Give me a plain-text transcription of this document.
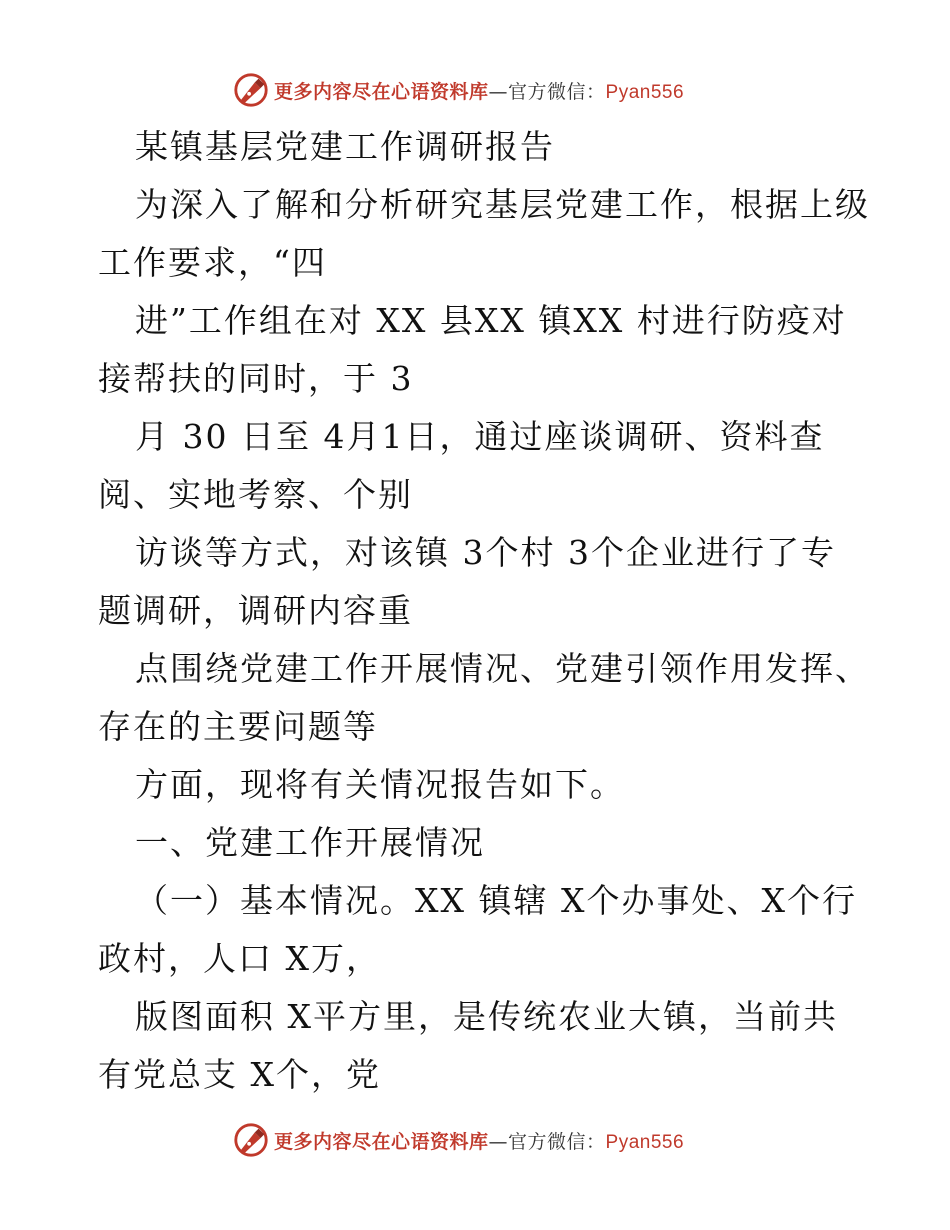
更多内容尽在心语资料库—官方微信：Pyan556
某镇基层党建工作调研报告
为深入了解和分析研究基层党建工作，根据上级
工作要求，“四
进”工作组在对 XX 县XX 镇XX 村进行防疫对
接帮扶的同时，于 3
月 30 日至 4月1日，通过座谈调研、资料查
阅、实地考察、个别
访谈等方式，对该镇 3个村 3个企业进行了专
题调研，调研内容重
点围绕党建工作开展情况、党建引领作用发挥、
存在的主要问题等
方面，现将有关情况报告如下。
一、党建工作开展情况
（一）基本情况。XX 镇辖 X个办事处、X个行
政村，人口 X万，
版图面积 X平方里，是传统农业大镇，当前共
有党总支 X个，党
更多内容尽在心语资料库—官方微信：Pyan556
